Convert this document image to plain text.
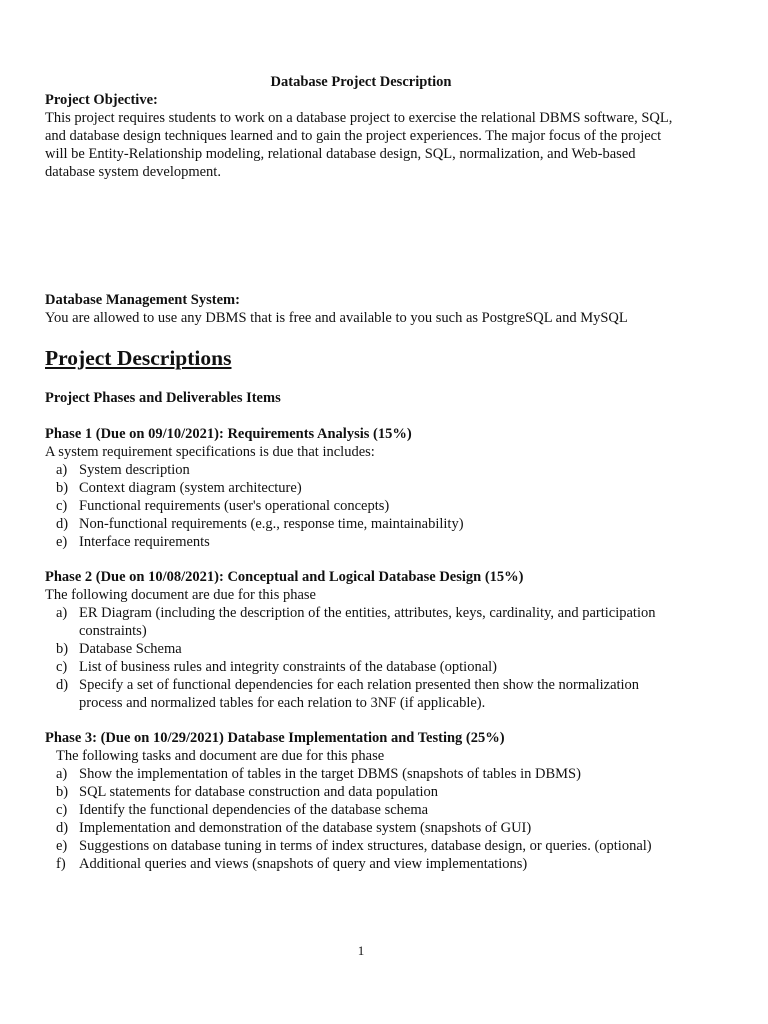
Database Project Description
Project Objective:
This project requires students to work on a database project to exercise the relational DBMS software, SQL, and database design techniques learned and to gain the project experiences. The major focus of the project will be Entity-Relationship modeling, relational database design, SQL, normalization, and Web-based database system development.
Database Management System:
You are allowed to use any DBMS that is free and available to you such as PostgreSQL and MySQL
Project Descriptions
Project Phases and Deliverables Items
Phase 1 (Due on 09/10/2021): Requirements Analysis (15%)
A system requirement specifications is due that includes:
a) System description
b) Context diagram (system architecture)
c) Functional requirements (user's operational concepts)
d) Non-functional requirements (e.g., response time, maintainability)
e) Interface requirements
Phase 2 (Due on 10/08/2021): Conceptual and Logical Database Design (15%)
The following document are due for this phase
a) ER Diagram (including the description of the entities, attributes, keys, cardinality, and participation constraints)
b) Database Schema
c) List of business rules and integrity constraints of the database (optional)
d) Specify a set of functional dependencies for each relation presented then show the normalization process and normalized tables for each relation to 3NF (if applicable).
Phase 3: (Due on 10/29/2021) Database Implementation and Testing (25%)
The following tasks and document are due for this phase
a) Show the implementation of tables in the target DBMS (snapshots of tables in DBMS)
b) SQL statements for database construction and data population
c) Identify the functional dependencies of the database schema
d) Implementation and demonstration of the database system (snapshots of GUI)
e) Suggestions on database tuning in terms of index structures, database design, or queries. (optional)
f) Additional queries and views (snapshots of query and view implementations)
1
